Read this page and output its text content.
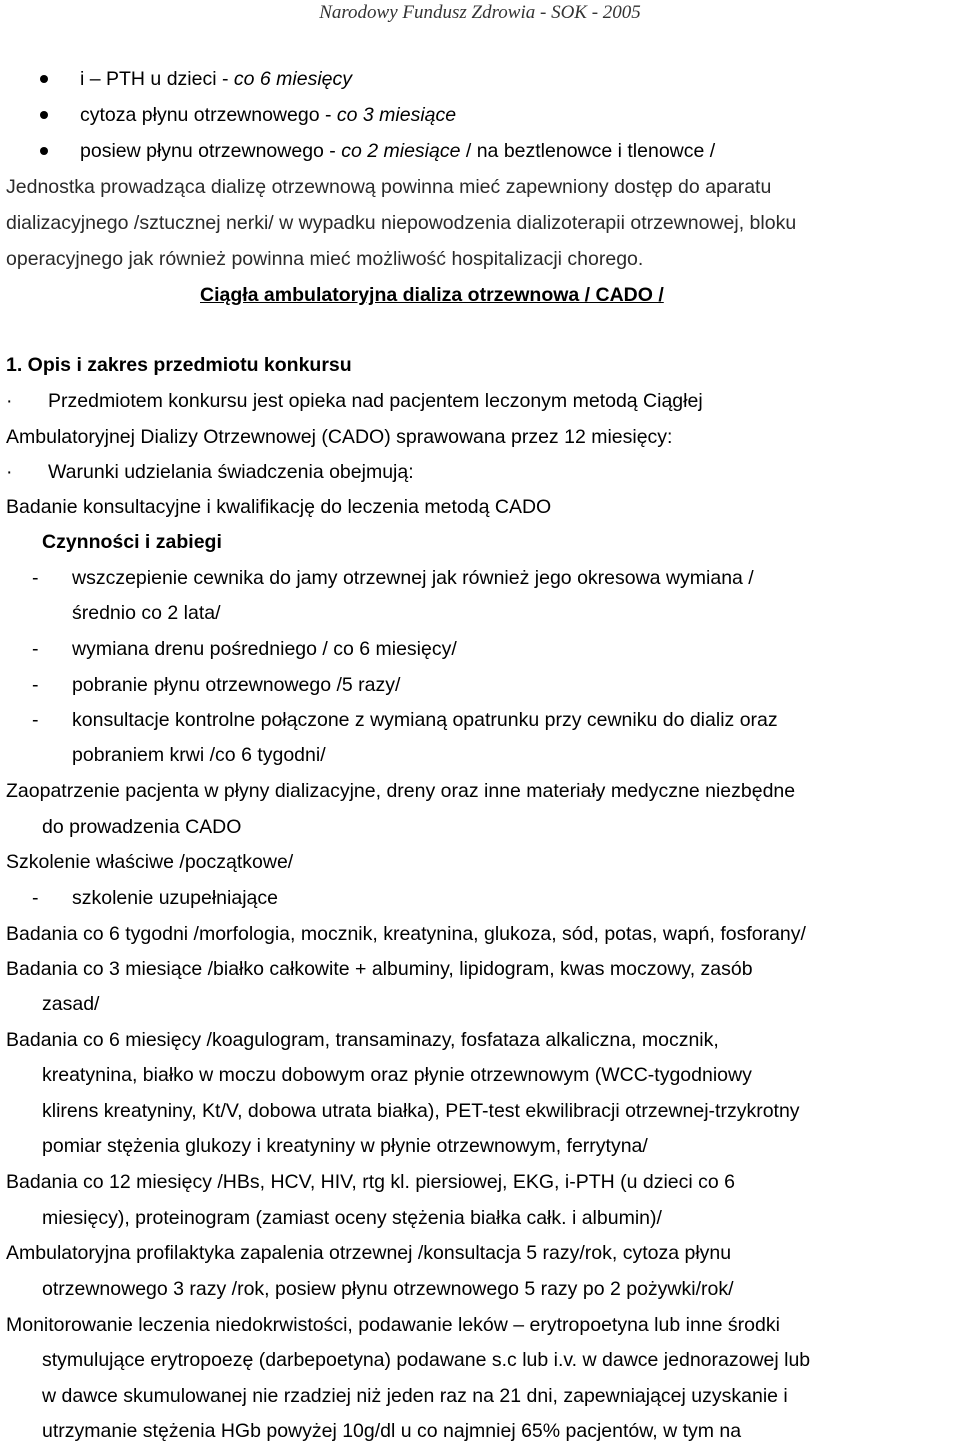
Narodowy Fundusz Zdrowia - SOK - 2005
i – PTH u dzieci - co 6 miesięcy
cytoza płynu otrzewnowego - co 3 miesiące
posiew płynu otrzewnowego - co 2 miesiące / na beztlenowce i tlenowce /
Jednostka prowadząca dializę otrzewnową powinna mieć zapewniony dostęp do aparatu
dializacyjnego /sztucznej nerki/ w wypadku niepowodzenia dializoterapii otrzewnowej, bloku
operacyjnego jak również powinna mieć możliwość hospitalizacji chorego.
Ciągła ambulatoryjna dializa otrzewnowa / CADO /
1. Opis i zakres przedmiotu konkursu
· Przedmiotem konkursu jest opieka nad pacjentem leczonym metodą Ciągłej
Ambulatoryjnej Dializy Otrzewnowej (CADO) sprawowana przez 12 miesięcy:
· Warunki udzielania świadczenia obejmują:
Badanie konsultacyjne i kwalifikację do leczenia metodą CADO
Czynności i zabiegi
- wszczepienie cewnika do jamy otrzewnej jak również jego okresowa wymiana /
średnio co 2 lata/
- wymiana drenu pośredniego / co 6 miesięcy/
- pobranie płynu otrzewnowego /5 razy/
- konsultacje kontrolne połączone z wymianą opatrunku przy cewniku do dializ oraz
pobraniem krwi /co 6 tygodni/
Zaopatrzenie pacjenta w płyny dializacyjne, dreny oraz inne materiały medyczne niezbędne
do prowadzenia CADO
Szkolenie właściwe /początkowe/
- szkolenie uzupełniające
Badania co 6 tygodni /morfologia, mocznik, kreatynina, glukoza, sód, potas, wapń, fosforany/
Badania co 3 miesiące /białko całkowite + albuminy, lipidogram, kwas moczowy, zasób
zasad/
Badania co 6 miesięcy /koagulogram, transaminazy, fosfataza alkaliczna, mocznik,
kreatynina, białko w moczu dobowym oraz płynie otrzewnowym (WCC-tygodniowy
klirens kreatyniny, Kt/V, dobowa utrata białka), PET-test ekwilibracji otrzewnej-trzykrotny
pomiar stężenia glukozy i kreatyniny w płynie otrzewnowym, ferrytyna/
Badania co 12 miesięcy /HBs, HCV, HIV, rtg kl. piersiowej, EKG, i-PTH (u dzieci co 6
miesięcy), proteinogram (zamiast oceny stężenia białka całk. i albumin)/
Ambulatoryjna profilaktyka zapalenia otrzewnej /konsultacja 5 razy/rok, cytoza płynu
otrzewnowego 3 razy /rok, posiew płynu otrzewnowego 5 razy po 2 pożywki/rok/
Monitorowanie leczenia niedokrwistości, podawanie leków – erytropoetyna lub inne środki
stymulujące erytropoezę (darbepoetyna) podawane s.c lub i.v. w dawce jednorazowej lub
w dawce skumulowanej nie rzadziej niż jeden raz na 21 dni, zapewniającej uzyskanie i
utrzymanie stężenia HGb powyżej 10g/dl u co najmniej 65% pacjentów, w tym na
